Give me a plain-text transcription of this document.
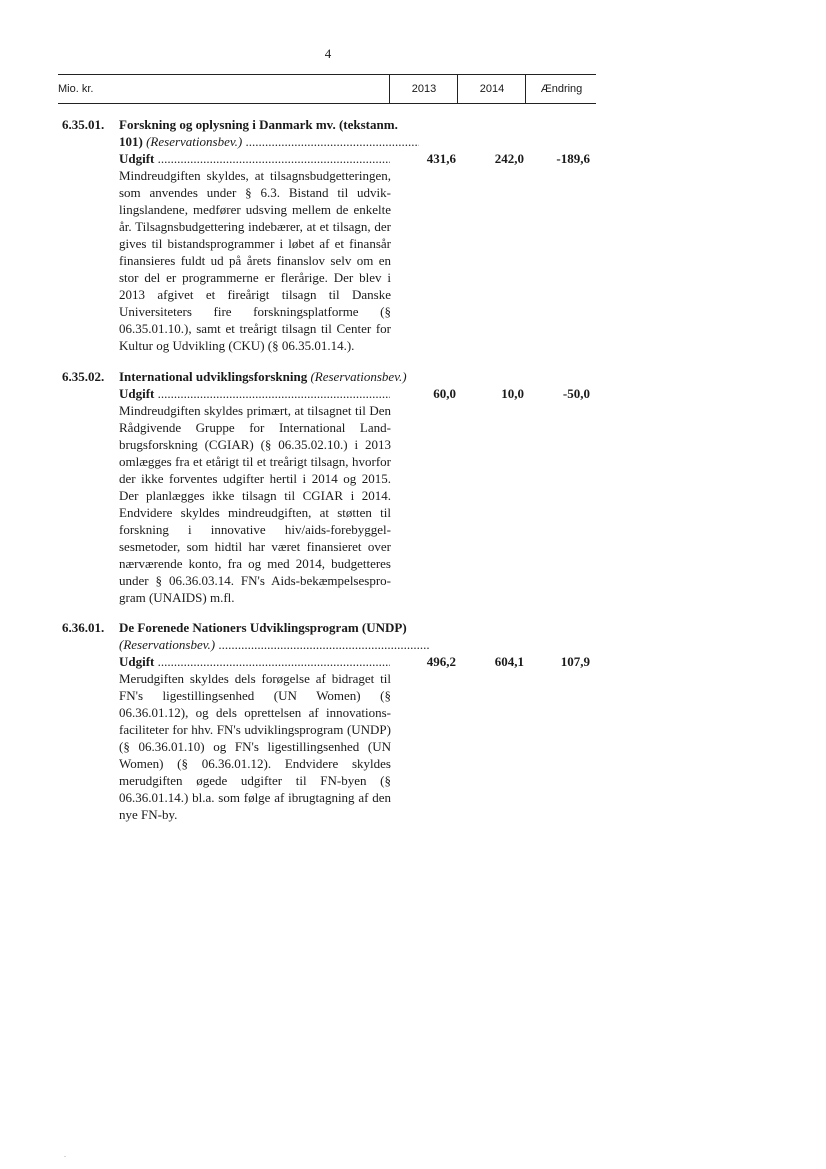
4
Mio. kr.	2013	2014	Ændring
6.35.01. Forskning og oplysning i Danmark mv. (tekstanm.
101) (Reservationsbev.) .....
Udgift .....	431,6	242,0	-189,6
Mindreudgiften skyldes, at tilsagnsbudgetteringen, som anvendes under § 6.3. Bistand til udviklingslandene, medfører udsving mellem de enkelte år. Tilsagnsbudgettering indebærer, at et tilsagn, der gives til bistandsprogrammer i løbet af et finansår finansieres fuldt ud på årets finanslov selv om en stor del er programmerne er flerårige. Der blev i 2013 afgivet et fireårigt tilsagn til Danske Universiteters fire forskningsplatforme (§ 06.35.01.10.), samt et treårigt tilsagn til Center for Kultur og Udvikling (CKU) (§ 06.35.01.14.).
6.35.02. International udviklingsforskning (Reservationsbev.)
Udgift .....	60,0	10,0	-50,0
Mindreudgiften skyldes primært, at tilsagnet til Den Rådgivende Gruppe for International Landbrugsforskning (CGIAR) (§ 06.35.02.10.) i 2013 omlægges fra et etårigt til et treårigt tilsagn, hvorfor der ikke forventes udgifter hertil i 2014 og 2015. Der planlægges ikke tilsagn til CGIAR i 2014. Endvidere skyldes mindreudgiften, at støtten til forskning i innovative hiv/aids-forebyggelsesmetoder, som hidtil har været finansieret over nærværende konto, fra og med 2014, budgetteres under § 06.36.03.14. FN's Aids-bekæmpelsesprogram (UNAIDS) m.fl.
6.36.01. De Forenede Nationers Udviklingsprogram (UNDP)
(Reservationsbev.) .....
Udgift .....	496,2	604,1	107,9
Merudgiften skyldes dels forøgelse af bidraget til FN's ligestillingsenhed (UN Women) (§ 06.36.01.12), og dels oprettelsen af innovationsfaciliteter for hhv. FN's udviklingsprogram (UNDP) (§ 06.36.01.10) og FN's ligestillingsenhed (UN Women) (§ 06.36.01.12). Endvidere skyldes merudgiften øgede udgifter til FN-byen (§ 06.36.01.14.) bl.a. som følge af ibrugtagning af den nye FN-by.
.
